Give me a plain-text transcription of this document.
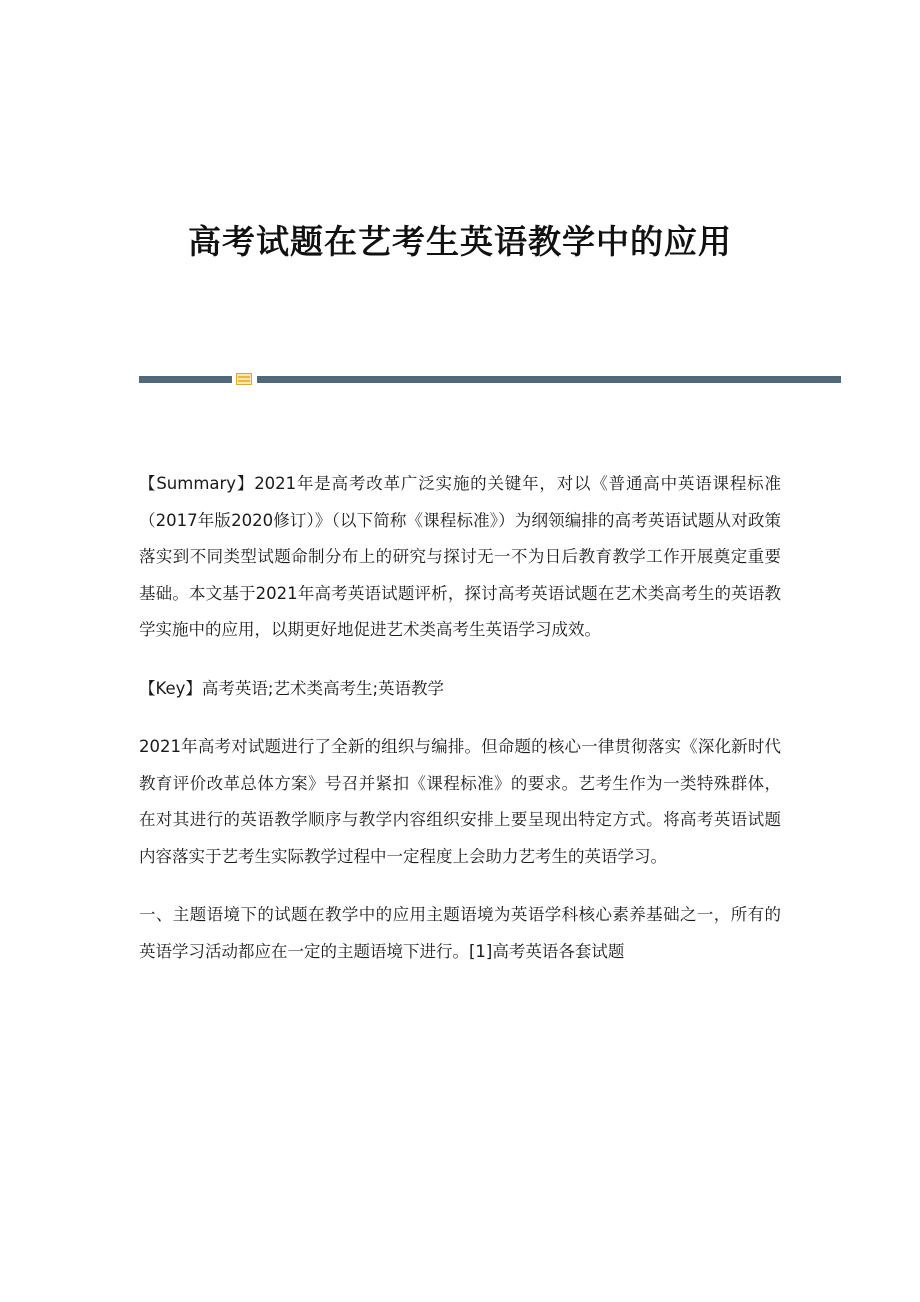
高考试题在艺考生英语教学中的应用

【Summary】2021年是高考改革广泛实施的关键年，对以《普通高中英语课程标准（2017年版2020修订）》（以下简称《课程标准》）为纲领编排的高考英语试题从对政策落实到不同类型试题命制分布上的研究与探讨无一不为日后教育教学工作开展奠定重要基础。本文基于2021年高考英语试题评析，探讨高考英语试题在艺术类高考生的英语教学实施中的应用，以期更好地促进艺术类高考生英语学习成效。

【Key】高考英语;艺术类高考生;英语教学

2021年高考对试题进行了全新的组织与编排。但命题的核心一律贯彻落实《深化新时代教育评价改革总体方案》号召并紧扣《课程标准》的要求。艺考生作为一类特殊群体，在对其进行的英语教学顺序与教学内容组织安排上要呈现出特定方式。将高考英语试题内容落实于艺考生实际教学过程中一定程度上会助力艺考生的英语学习。

一、主题语境下的试题在教学中的应用主题语境为英语学科核心素养基础之一，所有的英语学习活动都应在一定的主题语境下进行。[1]高考英语各套试题
